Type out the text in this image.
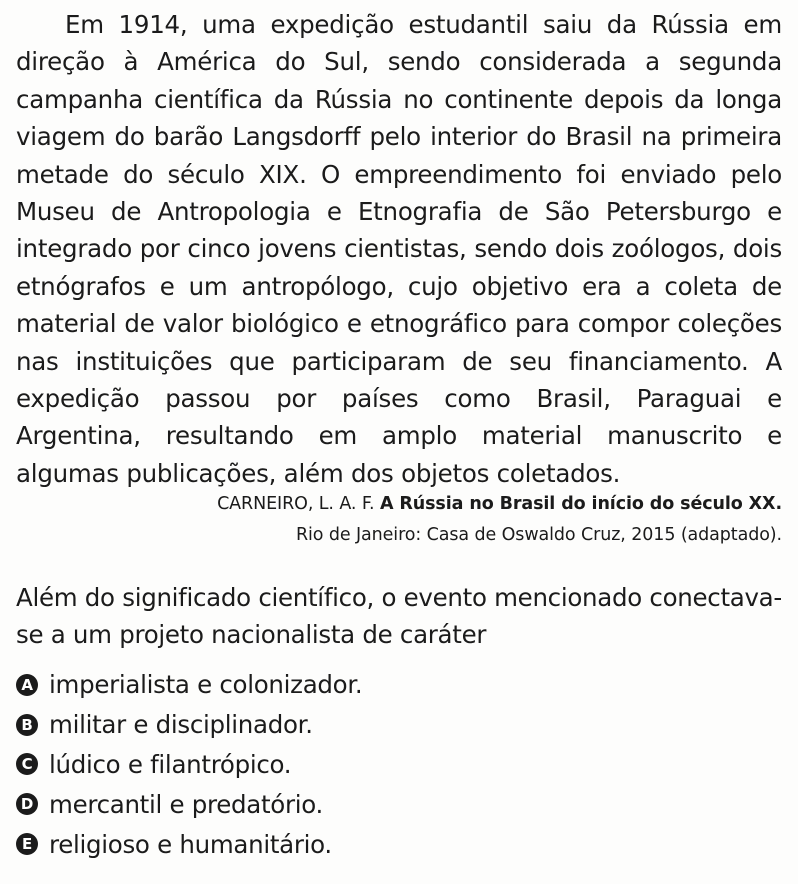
Em 1914, uma expedição estudantil saiu da Rússia em direção à América do Sul, sendo considerada a segunda campanha científica da Rússia no continente depois da longa viagem do barão Langsdorff pelo interior do Brasil na primeira metade do século XIX. O empreendimento foi enviado pelo Museu de Antropologia e Etnografia de São Petersburgo e integrado por cinco jovens cientistas, sendo dois zoólogos, dois etnógrafos e um antropólogo, cujo objetivo era a coleta de material de valor biológico e etnográfico para compor coleções nas instituições que participaram de seu financiamento. A expedição passou por países como Brasil, Paraguai e Argentina, resultando em amplo material manuscrito e algumas publicações, além dos objetos coletados.

CARNEIRO, L. A. F. A Rússia no Brasil do início do século XX.
Rio de Janeiro: Casa de Oswaldo Cruz, 2015 (adaptado).

Além do significado científico, o evento mencionado conectava-se a um projeto nacionalista de caráter

A imperialista e colonizador.
B militar e disciplinador.
C lúdico e filantrópico.
D mercantil e predatório.
E religioso e humanitário.
